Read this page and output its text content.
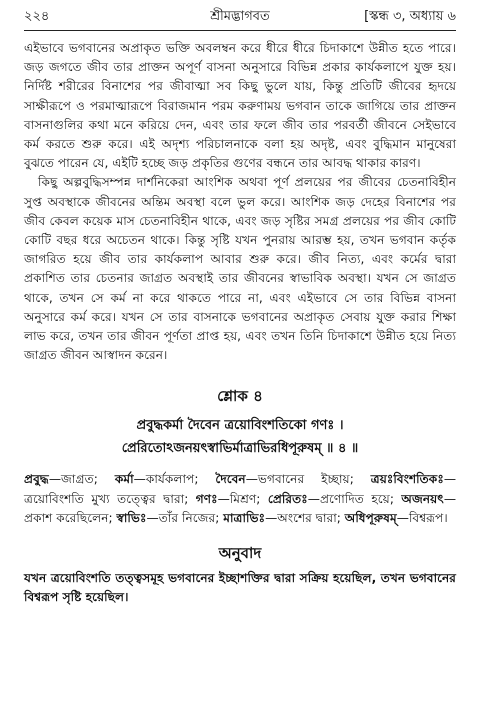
২২৪	শ্রীমদ্ভাগবত	[স্কন্ধ ৩, অধ্যায় ৬

এইভাবে ভগবানের অপ্রাকৃত ভক্তি অবলম্বন করে ধীরে ধীরে চিদাকাশে উন্নীত হতে পারে। জড় জগতে জীব তার প্রাক্তন অপূর্ণ বাসনা অনুসারে বিভিন্ন প্রকার কার্যকলাপে যুক্ত হয়। নির্দিষ্ট শরীরের বিনাশের পর জীবাত্মা সব কিছু ভুলে যায়, কিন্তু প্রতিটি জীবের হৃদয়ে সাক্ষীরূপে ও পরমাত্মারূপে বিরাজমান পরম করুণাময় ভগবান তাকে জাগিয়ে তার প্রাক্তন বাসনাগুলির কথা মনে করিয়ে দেন, এবং তার ফলে জীব তার পরবর্তী জীবনে সেইভাবে কর্ম করতে শুরু করে। এই অদৃশ্য পরিচালনাকে বলা হয় অদৃষ্ট, এবং বুদ্ধিমান মানুষেরা বুঝতে পারেন যে, এইটি হচ্ছে জড় প্রকৃতির গুণের বন্ধনে তার আবদ্ধ থাকার কারণ।

কিছু অল্পবুদ্ধিসম্পন্ন দার্শনিকেরা আংশিক অথবা পূর্ণ প্রলয়ের পর জীবের চেতনাবিহীন সুপ্ত অবস্থাকে জীবনের অন্তিম অবস্থা বলে ভুল করে। আংশিক জড় দেহের বিনাশের পর জীব কেবল কয়েক মাস চেতনাবিহীন থাকে, এবং জড় সৃষ্টির সমগ্র প্রলয়ের পর জীব কোটি কোটি বছর ধরে অচেতন থাকে। কিন্তু সৃষ্টি যখন পুনরায় আরম্ভ হয়, তখন ভগবান কর্তৃক জাগরিত হয়ে জীব তার কার্যকলাপ আবার শুরু করে। জীব নিত্য, এবং কর্মের দ্বারা প্রকাশিত তার চেতনার জাগ্রত অবস্থাই তার জীবনের স্বাভাবিক অবস্থা। যখন সে জাগ্রত থাকে, তখন সে কর্ম না করে থাকতে পারে না, এবং এইভাবে সে তার বিভিন্ন বাসনা অনুসারে কর্ম করে। যখন সে তার বাসনাকে ভগবানের অপ্রাকৃত সেবায় যুক্ত করার শিক্ষা লাভ করে, তখন তার জীবন পূর্ণতা প্রাপ্ত হয়, এবং তখন তিনি চিদাকাশে উন্নীত হয়ে নিত্য জাগ্রত জীবন আস্বাদন করেন।

শ্লোক ৪
প্রবুদ্ধকর্মা দৈবেন ত্রয়োবিংশতিকো গণঃ ।
প্রেরিতোঽজনয়ৎস্বাভির্মাত্রাভিরধিপূরুষম্ ॥ ৪ ॥
প্রবুদ্ধ—জাগ্রত; কর্মা—কার্যকলাপ; দৈবেন—ভগবানের ইচ্ছায়; ত্রয়ঃবিংশতিকঃ—ত্রয়োবিংশতি মুখ্য তত্ত্বের দ্বারা; গণঃ—মিশ্রণ; প্রেরিতঃ—প্রণোদিত হয়ে; অজনয়ৎ—প্রকাশ করেছিলেন; স্বাভিঃ—তাঁর নিজের; মাত্রাভিঃ—অংশের দ্বারা; অধিপূরুষম্—বিশ্বরূপ।
অনুবাদ
যখন ত্রয়োবিংশতি তত্ত্বসমূহ ভগবানের ইচ্ছাশক্তির দ্বারা সক্রিয় হয়েছিল, তখন ভগবানের বিশ্বরূপ সৃষ্টি হয়েছিল।
